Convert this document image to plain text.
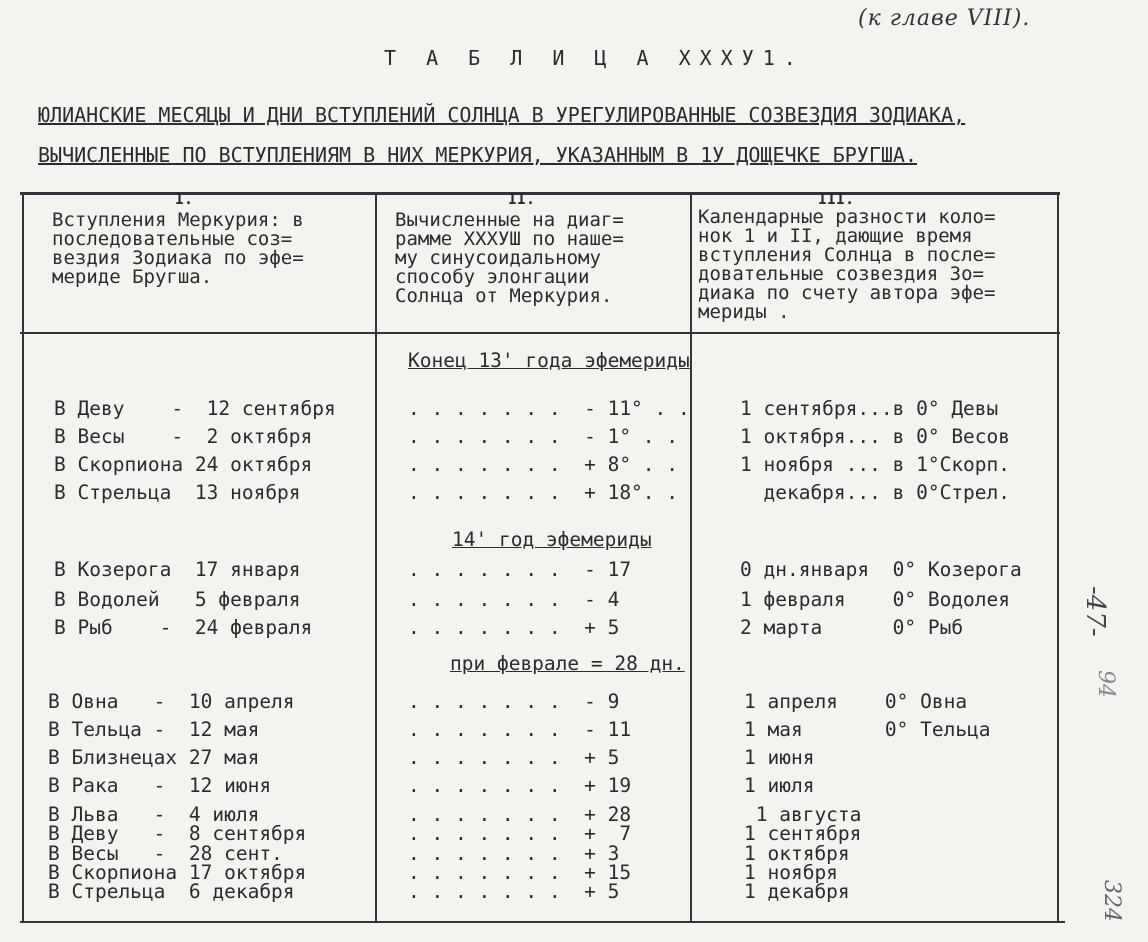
(к главе VIII).
Т А Б Л И Ц А XXXУ1.
ЮЛИАНСКИЕ МЕСЯЦЫ И ДНИ ВСТУПЛЕНИЙ СОЛНЦА В УРЕГУЛИРОВАННЫЕ СОЗВЕЗДИЯ ЗОДИАКА,
ВЫЧИСЛЕННЫЕ ПО ВСТУПЛЕНИЯМ В НИХ МЕРКУРИЯ, УКАЗАННЫМ В 1У ДОЩЕЧКЕ БРУГША.
I.
Вступления Меркурия: в
последовательные соз=
вездия Зодиака по эфе=
мериде Бругша.
II.
Вычисленные на диаг=
рамме XXXУШ по наше=
му синусоидальному
способу элонгации
Солнца от Меркурия.
III.
Календарные разности коло=
нок 1 и II, дающие время
вступления Солнца в после=
довательные созвездия Зо=
диака по счету автора эфе=
мериды .
Конец 13' года эфемериды
14' год эфемериды
при феврале = 28 дн.
В Деву    -  12 сентября	. . . . . . .  - 11° . .	1 сентября...в 0° Девы
В Весы    -  2 октября	. . . . . . .  - 1° . .	1 октября... в 0° Весов
В Скорпиона 24 октября	. . . . . . .  + 8° . .	1 ноября ... в 1°Скорп.
В Стрельца  13 ноября	. . . . . . .  + 18°. .	декабря... в 0°Стрел.
В Козерога  17 января	. . . . . . .  - 17	0 дн.января  0° Козерога
В Водолей   5 февраля	. . . . . . .  - 4	1 февраля    0° Водолея
В Рыб    -  24 февраля	. . . . . . .  + 5	2 марта      0° Рыб
В Овна   -  10 апреля	. . . . . . .  - 9	1 апреля    0° Овна
В Тельца -  12 мая	. . . . . . .  - 11	1 мая       0° Тельца
В Близнецах 27 мая	. . . . . . .  + 5	1 июня
В Рака   -  12 июня	. . . . . . .  + 19	1 июля
В Льва   -  4 июля	. . . . . . .  + 28	1 августа
В Деву   -  8 сентября	. . . . . . .  +  7	1 сентября
В Весы   -  28 сент.	. . . . . . .  + 3	1 октября
В Скорпиона 17 октября	. . . . . . .  + 15	1 ноября
В Стрельца  6 декабря	. . . . . . .  + 5	1 декабря
-47-
94
324
